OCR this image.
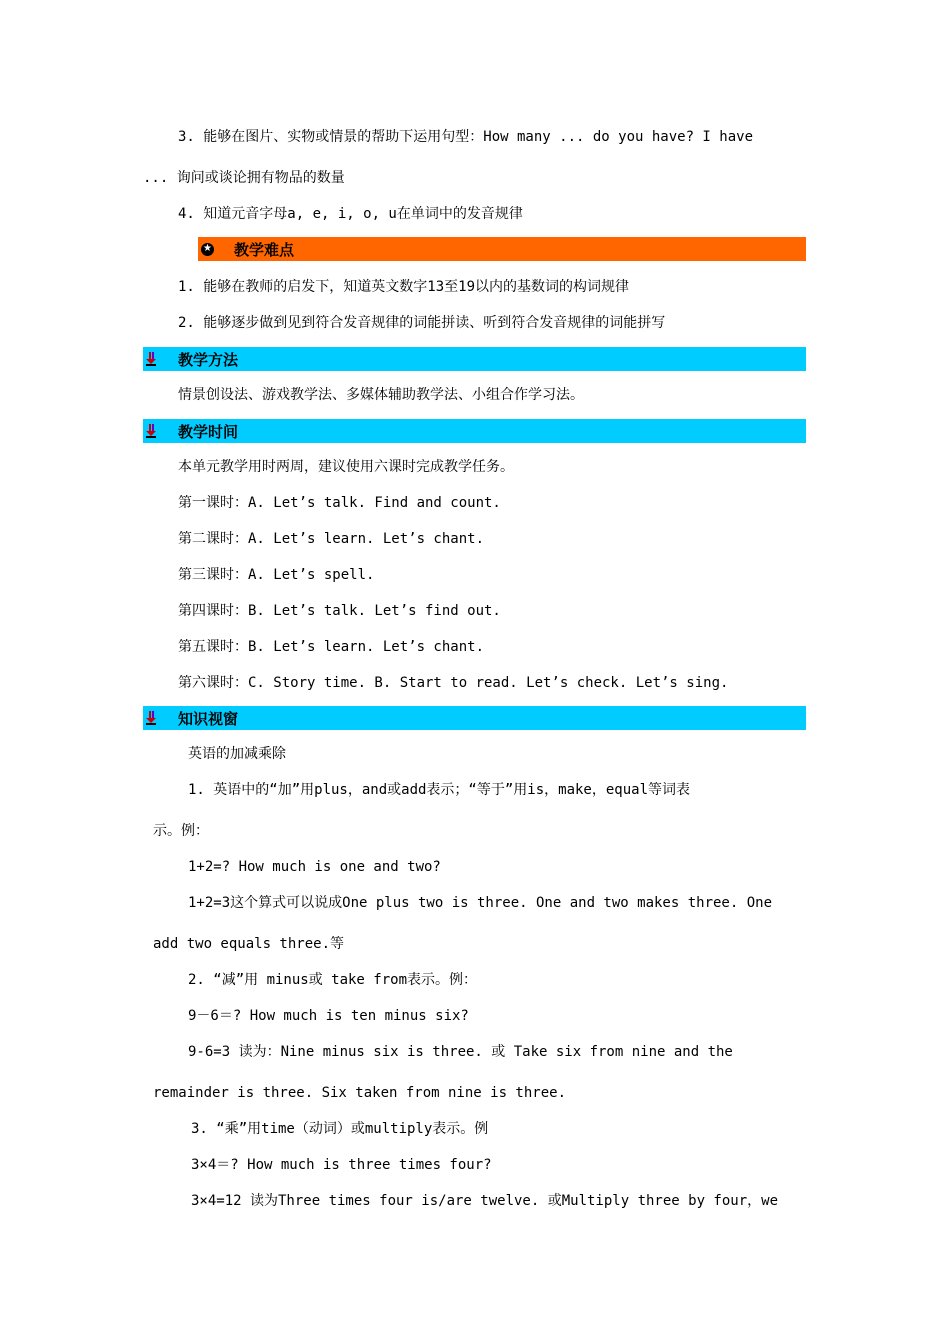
3. 能够在图片、实物或情景的帮助下运用句型：How many ... do you have? I have
... 询问或谈论拥有物品的数量
4. 知道元音字母a, e, i, o, u在单词中的发音规律
★ 教学难点
1. 能够在教师的启发下，知道英文数字13至19以内的基数词的构词规律
2. 能够逐步做到见到符合发音规律的词能拼读、听到符合发音规律的词能拼写
教学方法
情景创设法、游戏教学法、多媒体辅助教学法、小组合作学习法。
教学时间
本单元教学用时两周，建议使用六课时完成教学任务。
第一课时：A. Let’s talk. Find and count.
第二课时：A. Let’s learn. Let’s chant.
第三课时：A. Let’s spell.
第四课时：B. Let’s talk. Let’s find out.
第五课时：B. Let’s learn. Let’s chant.
第六课时：C. Story time. B. Start to read. Let’s check. Let’s sing.
知识视窗
英语的加减乘除
1. 英语中的“加”用plus，and或add表示；“等于”用is，make，equal等词表
示。例：
1+2=? How much is one and two?
1+2=3这个算式可以说成One plus two is three. One and two makes three. One
add two equals three.等
2. “减”用 minus或 take from表示。例：
9－6＝? How much is ten minus six?
9-6=3 读为：Nine minus six is three. 或 Take six from nine and the
remainder is three. Six taken from nine is three.
3. “乘”用time（动词）或multiply表示。例
3×4＝? How much is three times four?
3×4=12 读为Three times four is/are twelve. 或Multiply three by four，we
